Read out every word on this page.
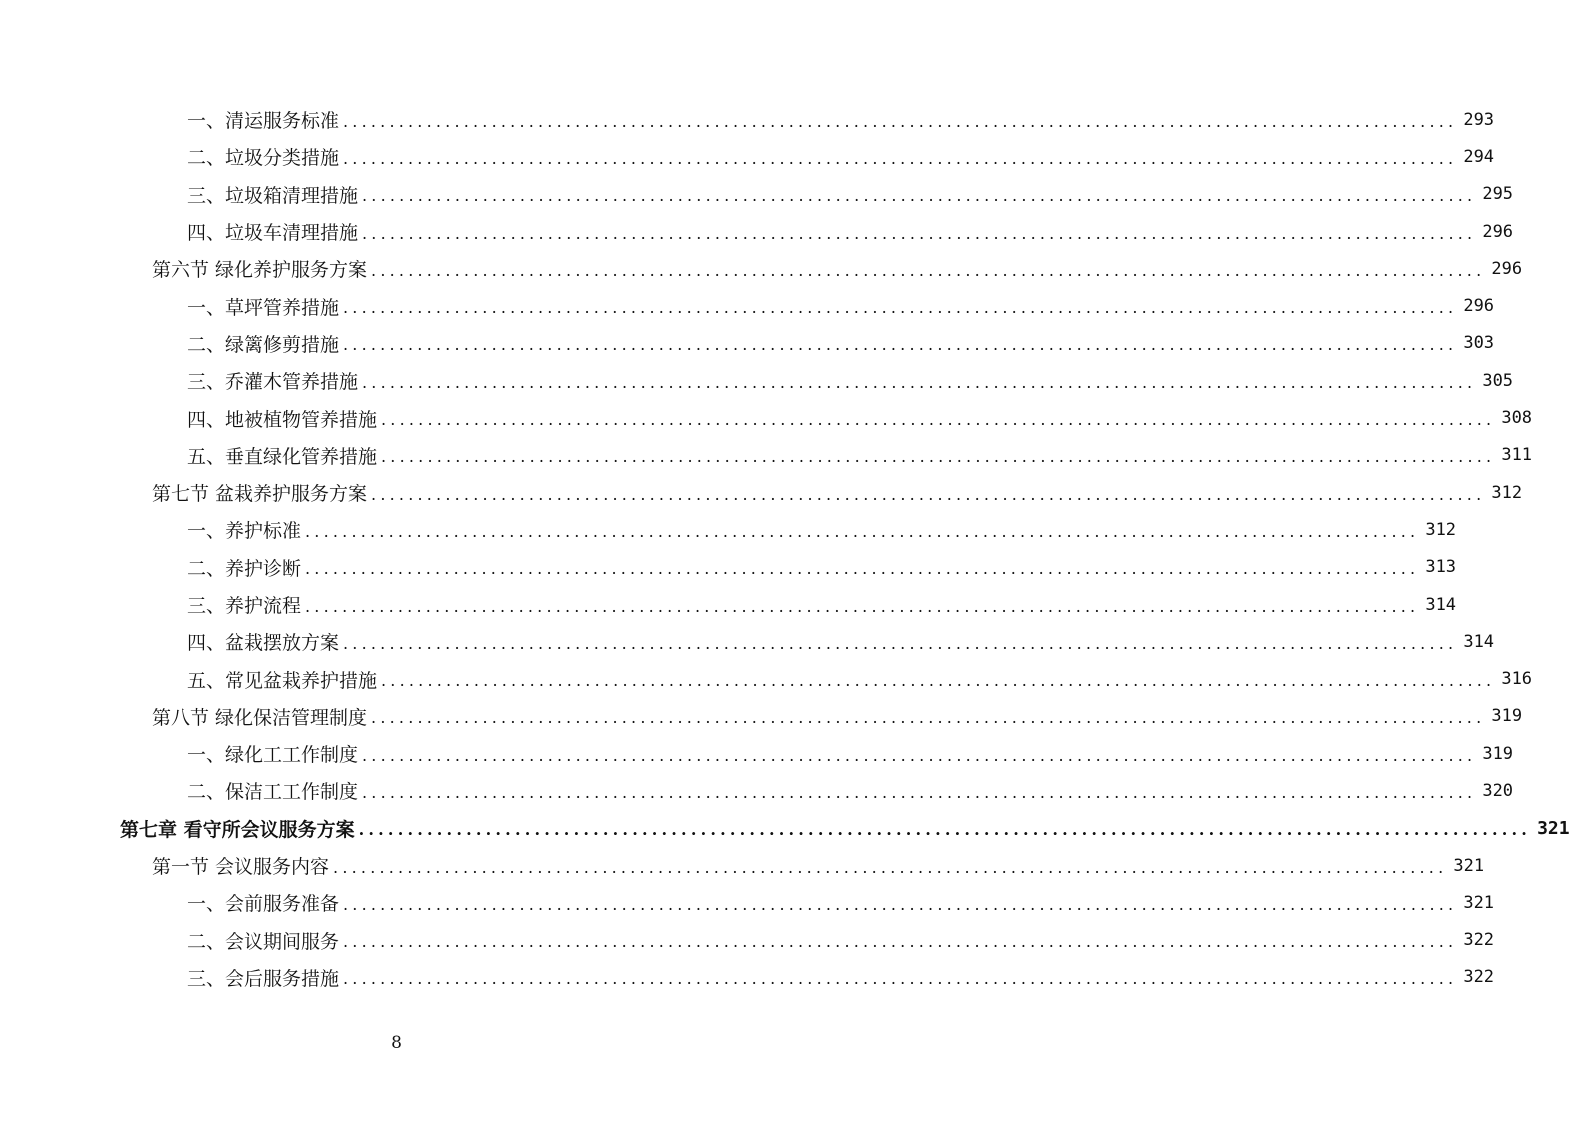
一、清运服务标准 ........................................................................................................................ 293
二、垃圾分类措施 ........................................................................................................................ 294
三、垃圾箱清理措施 ........................................................................................................................ 295
四、垃圾车清理措施 ........................................................................................................................ 296
第六节 绿化养护服务方案 ........................................................................................................................ 296
一、草坪管养措施 ........................................................................................................................ 296
二、绿篱修剪措施 ........................................................................................................................ 303
三、乔灌木管养措施 ........................................................................................................................ 305
四、地被植物管养措施 ........................................................................................................................ 308
五、垂直绿化管养措施 ........................................................................................................................ 311
第七节 盆栽养护服务方案 ........................................................................................................................ 312
一、养护标准 ........................................................................................................................ 312
二、养护诊断 ........................................................................................................................ 313
三、养护流程 ........................................................................................................................ 314
四、盆栽摆放方案 ........................................................................................................................ 314
五、常见盆栽养护措施 ........................................................................................................................ 316
第八节 绿化保洁管理制度 ........................................................................................................................ 319
一、绿化工工作制度 ........................................................................................................................ 319
二、保洁工工作制度 ........................................................................................................................ 320
第七章 看守所会议服务方案 ........................................................................................................................ 321
第一节 会议服务内容 ........................................................................................................................ 321
一、会前服务准备 ........................................................................................................................ 321
二、会议期间服务 ........................................................................................................................ 322
三、会后服务措施 ........................................................................................................................ 322
8
